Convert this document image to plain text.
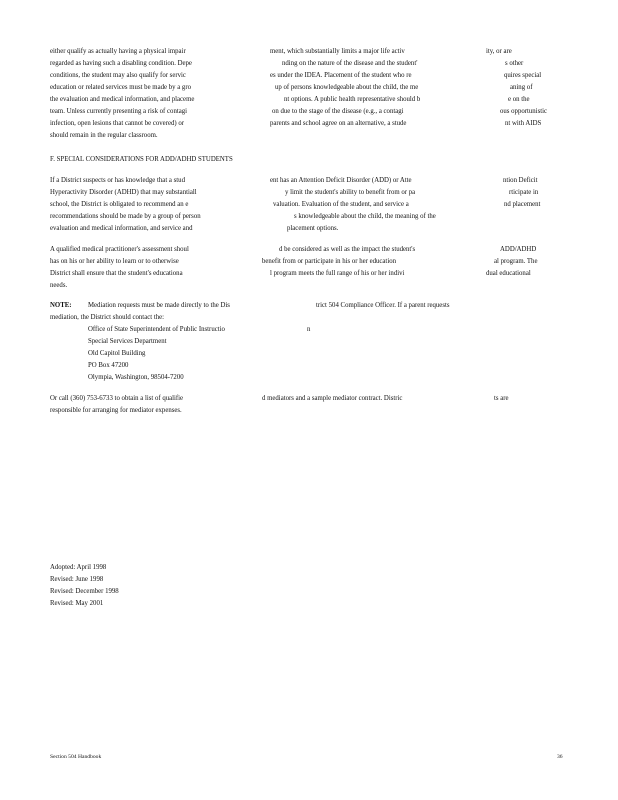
either qualify as actually having a physical impair	ment, which substantially limits a major life activ	ity, or are
regarded as having such a disabling condition. Depe	nding on the nature of the disease and the student'	s other
conditions, the student may also qualify for servic	es under the IDEA. Placement of the student who re	quires special
education or related services must be made by a gro	up of persons knowledgeable about the child, the me	aning of
the evaluation and medical information, and placeme	nt options. A public health representative should b	e on the
team. Unless currently presenting a risk of contagi	on due to the stage of the disease (e.g., a contagi	ous opportunistic
infection, open lesions that cannot be covered) or	parents and school agree on an alternative, a stude	nt with AIDS
should remain in the regular classroom.
F. SPECIAL CONSIDERATIONS FOR ADD/ADHD STUDENTS
If a District suspects or has knowledge that a stud	ent has an Attention Deficit Disorder (ADD) or Atte	ntion Deficit
Hyperactivity Disorder (ADHD) that may substantiall	y limit the student's ability to benefit from or pa	rticipate in
school, the District is obligated to recommend an e	valuation. Evaluation of the student, and service a	nd placement
recommendations should be made by a group of person	s knowledgeable about the child, the meaning of the
evaluation and medical information, and service and	placement options.
A qualified medical practitioner's assessment shoul	d be considered as well as the impact the student's	ADD/ADHD
has on his or her ability to learn or to otherwise	benefit from or participate in his or her education	al program. The
District shall ensure that the student's educationa	l program meets the full range of his or her indivi	dual educational
needs.
NOTE: Mediation requests must be made directly to the Dis	trict 504 Compliance Officer. If a parent requests
mediation, the District should contact the:
Office of State Superintendent of Public Instructio	n
Special Services Department
Old Capitol Building
PO Box 47200
Olympia, Washington, 98504-7200
Or call (360) 753-6733 to obtain a list of qualifie	d mediators and a sample mediator contract. Distric	ts are
responsible for arranging for mediator expenses.
Adopted: April 1998
Revised: June 1998
Revised: December 1998
Revised: May 2001
Section 504 Handbook	36
